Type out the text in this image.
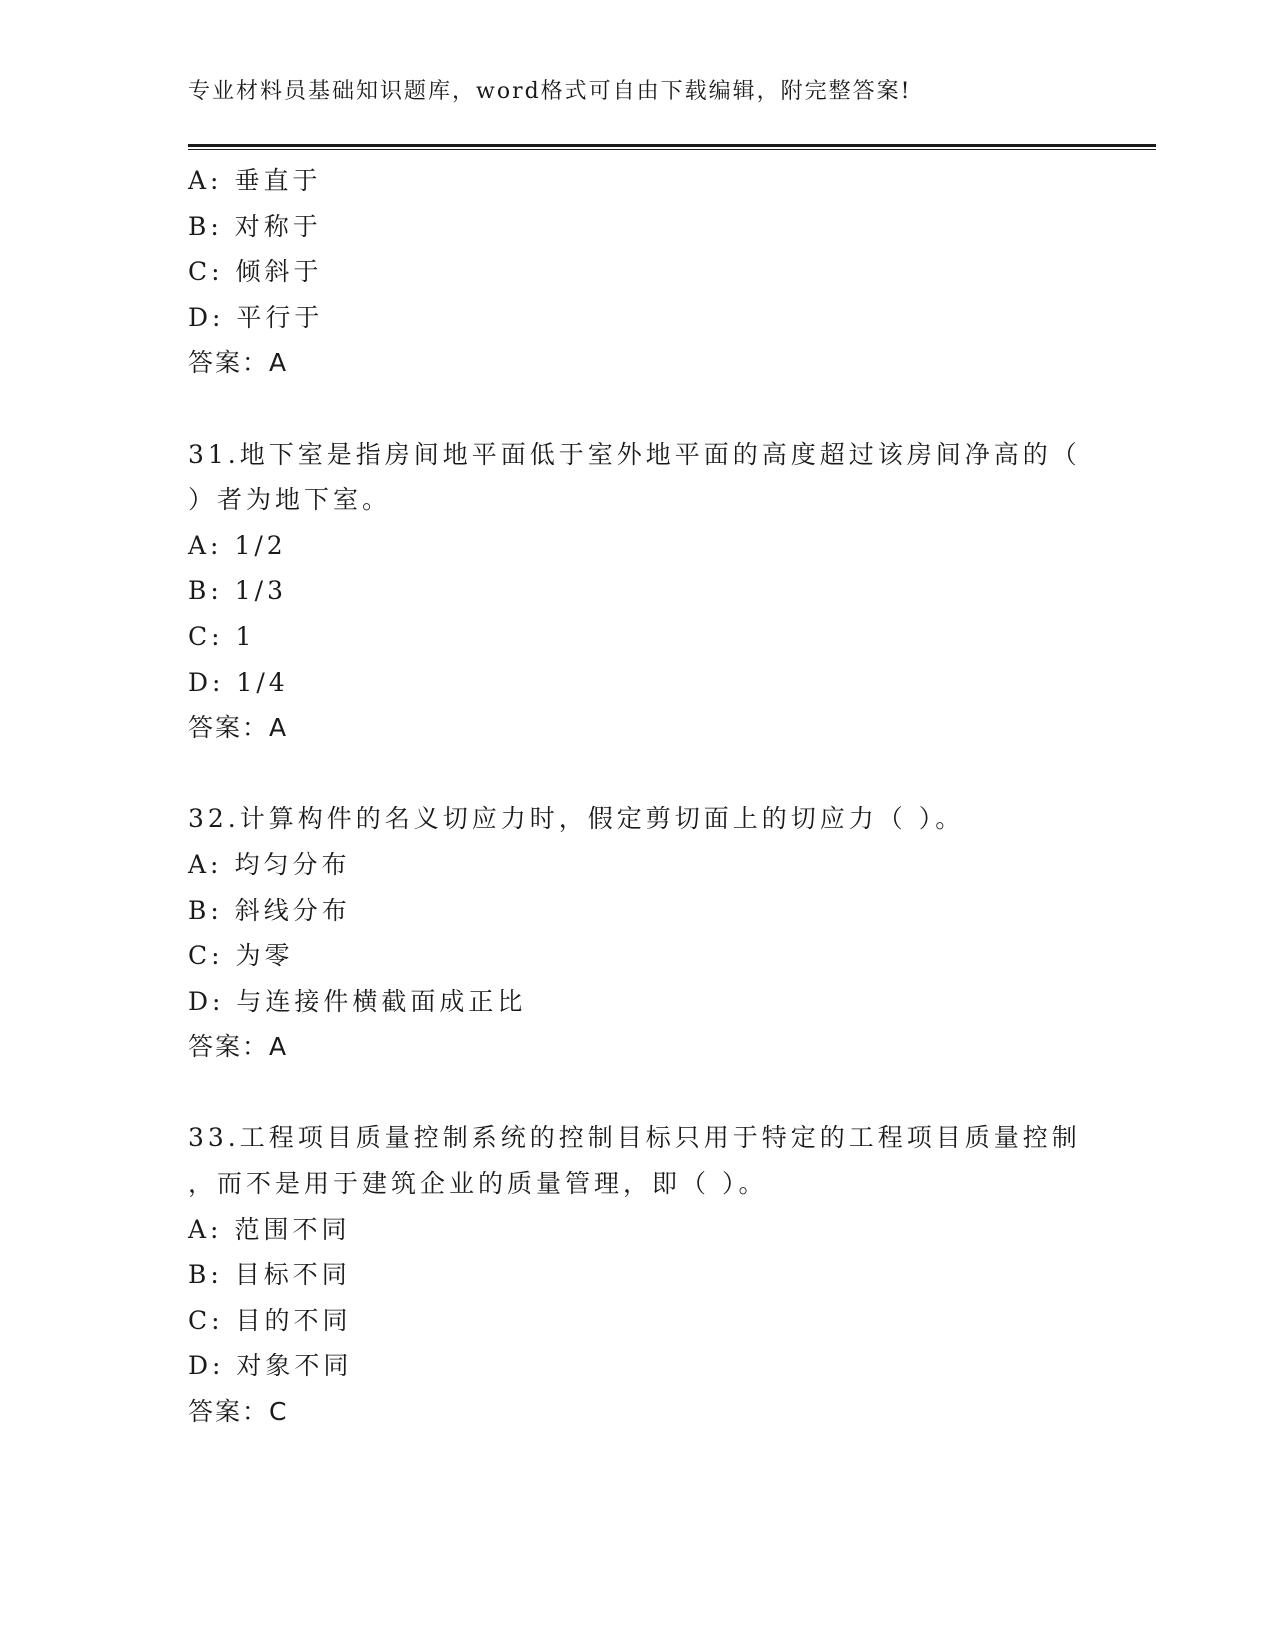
专业材料员基础知识题库，word格式可自由下载编辑，附完整答案!
A: 垂直于
B: 对称于
C: 倾斜于
D: 平行于
答案：A
31.地下室是指房间地平面低于室外地平面的高度超过该房间净高的（
）者为地下室。
A: 1/2
B: 1/3
C: 1
D: 1/4
答案：A
32.计算构件的名义切应力时，假定剪切面上的切应力（ ）。
A: 均匀分布
B: 斜线分布
C: 为零
D: 与连接件横截面成正比
答案：A
33.工程项目质量控制系统的控制目标只用于特定的工程项目质量控制
，而不是用于建筑企业的质量管理，即（ ）。
A: 范围不同
B: 目标不同
C: 目的不同
D: 对象不同
答案：C
